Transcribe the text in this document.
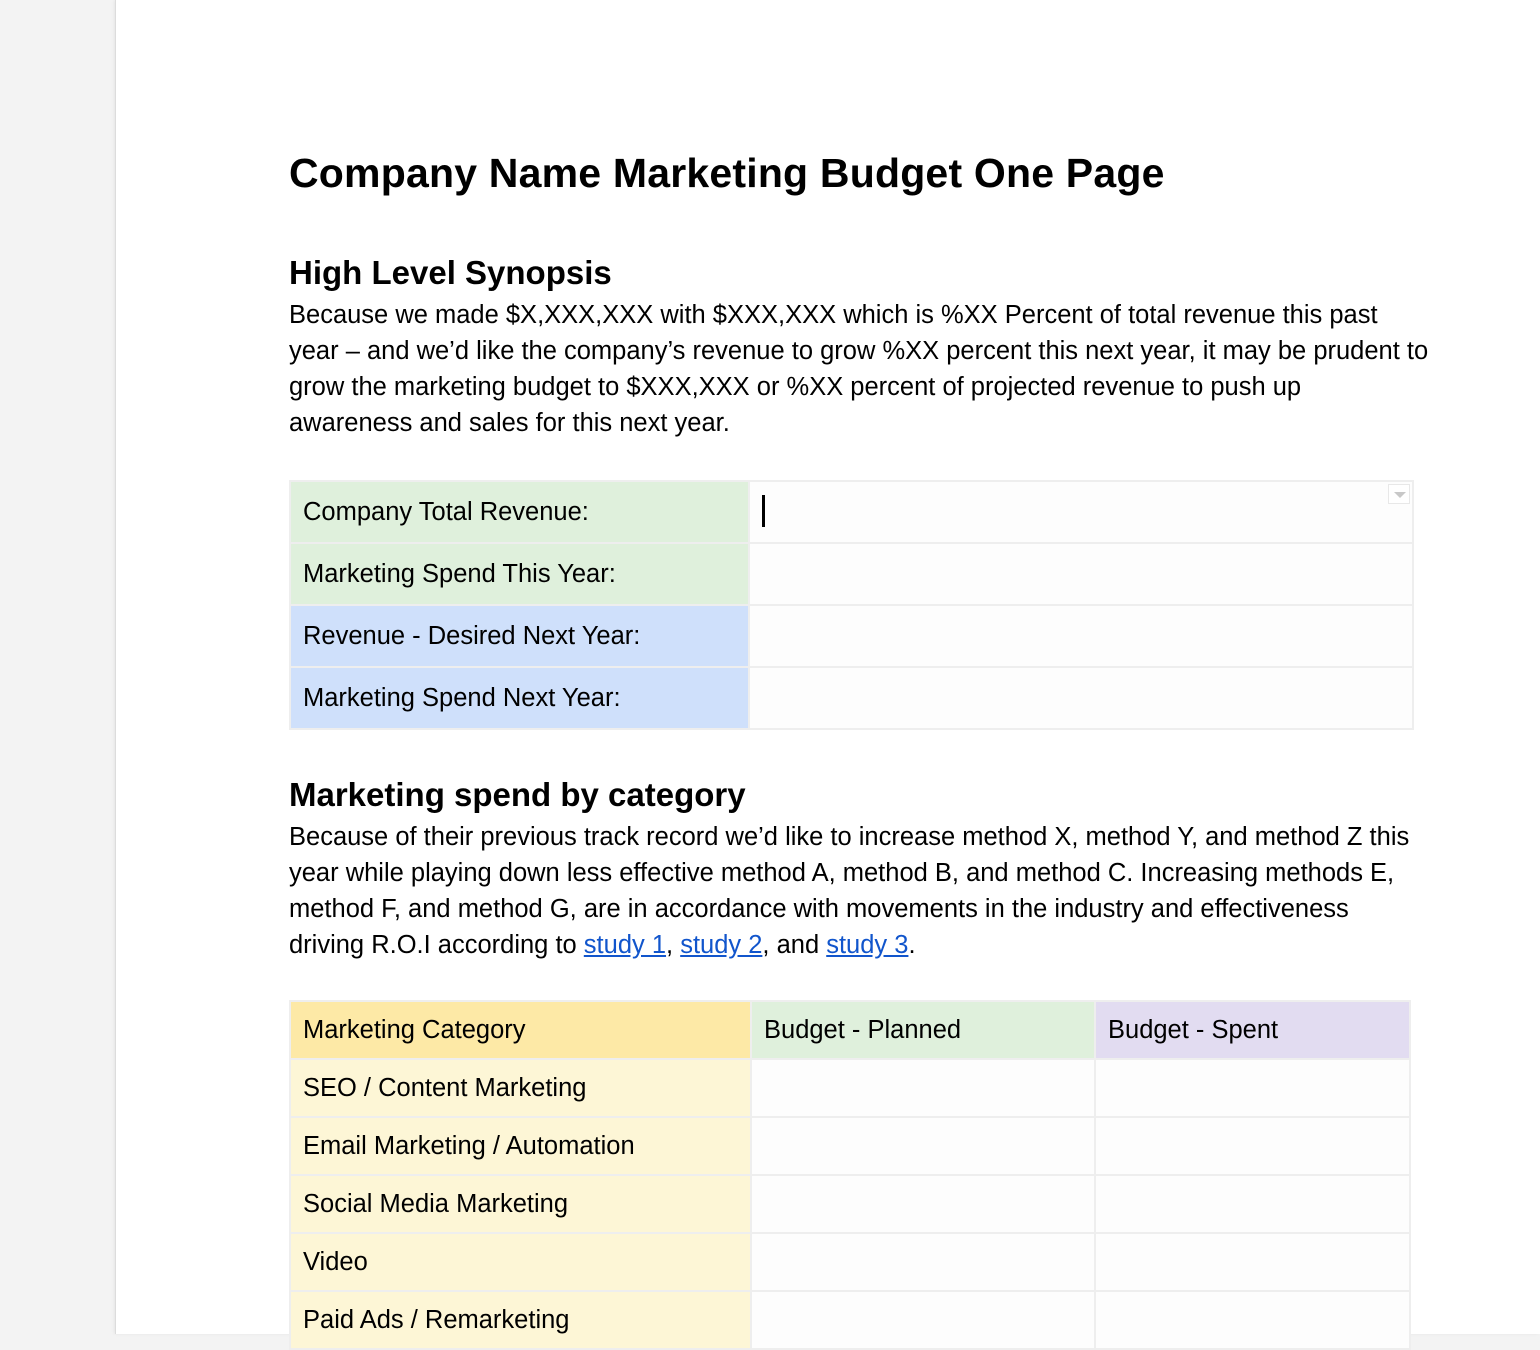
Company Name Marketing Budget One Page
High Level Synopsis
Because we made $X,XXX,XXX with $XXX,XXX which is %XX Percent of total revenue this past year – and we’d like the company’s revenue to grow %XX percent this next year, it may be prudent to grow the marketing budget to $XXX,XXX or %XX percent of projected revenue to push up awareness and sales for this next year.
Company Total Revenue:	

Marketing Spend This Year:	
Revenue - Desired Next Year:	
Marketing Spend Next Year:	
Marketing spend by category
Because of their previous track record we’d like to increase method X, method Y, and method Z this year while playing down less effective method A, method B, and method C. Increasing methods E, method F, and method G, are in accordance with movements in the industry and effectiveness driving R.O.I according to study 1, study 2, and study 3.
Marketing Category	Budget - Planned	Budget - Spent
SEO / Content Marketing		
Email Marketing / Automation		
Social Media Marketing		
Video		
Paid Ads / Remarketing		
